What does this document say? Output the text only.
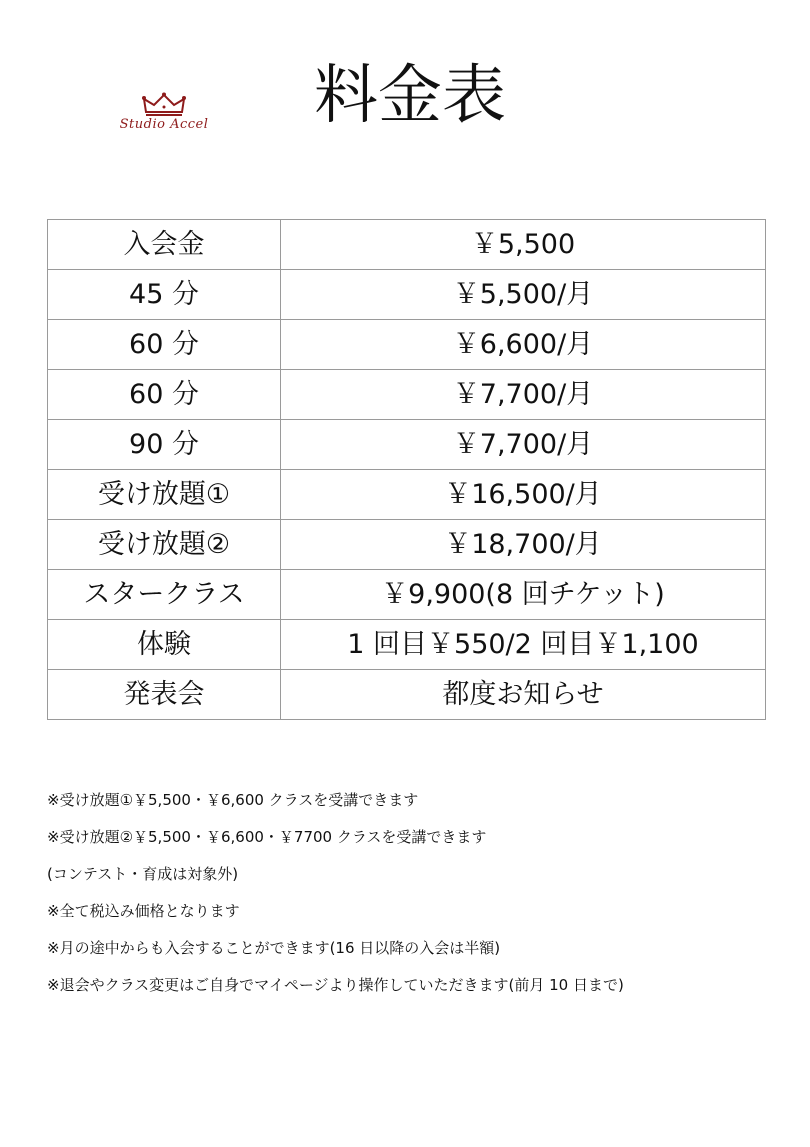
Studio Accel	料金表
入会金	￥5,500
45 分	￥5,500/月
60 分	￥6,600/月
60 分	￥7,700/月
90 分	￥7,700/月
受け放題①	￥16,500/月
受け放題②	￥18,700/月
スタークラス	￥9,900(8 回チケット)
体験	1 回目￥550/2 回目￥1,100
発表会	都度お知らせ
※受け放題①￥5,500・￥6,600 クラスを受講できます
※受け放題②￥5,500・￥6,600・￥7700 クラスを受講できます
(コンテスト・育成は対象外)
※全て税込み価格となります
※月の途中からも入会することができます(16 日以降の入会は半額)
※退会やクラス変更はご自身でマイページより操作していただきます(前月 10 日まで)
